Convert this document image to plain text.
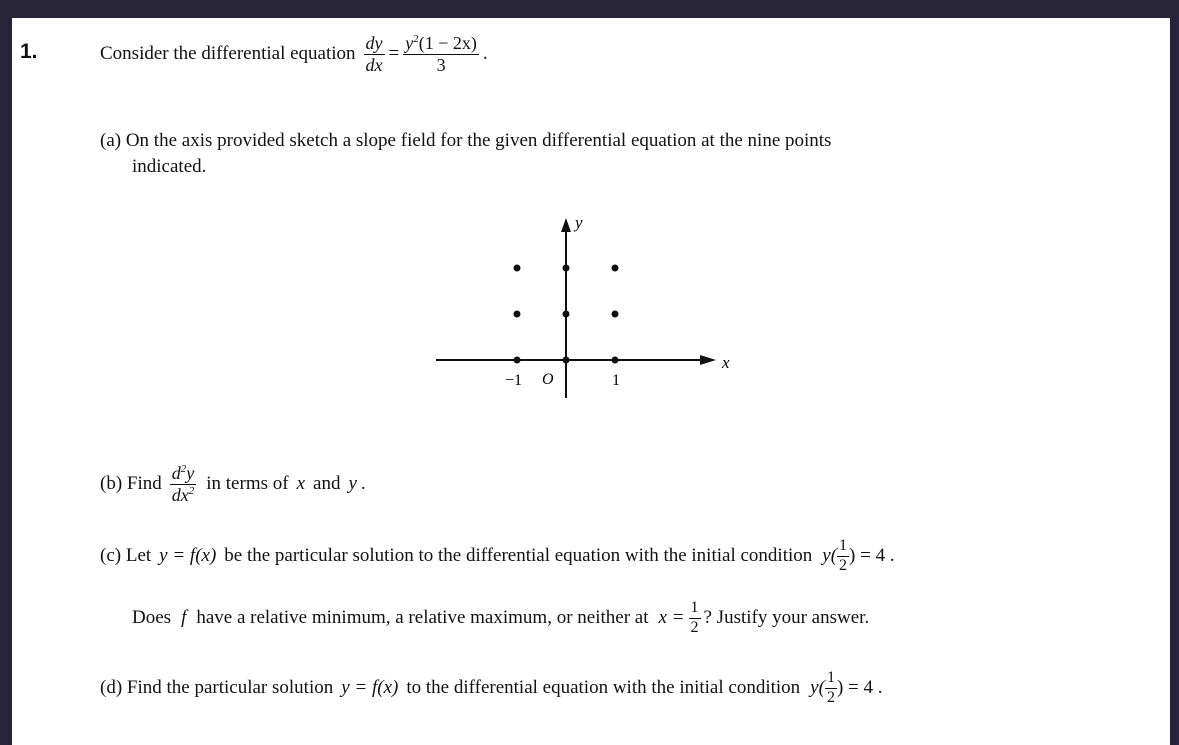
1.	Consider the differential equation $\frac{dy}{dx} = \frac{y^2(1 - 2x)}{3}$ .
(a) On the axis provided sketch a slope field for the given differential equation at the nine points
indicated.
y
x
O
−1	1
(b) Find $\frac{d^2y}{dx^2}$ in terms of x and y .
(c) Let y = f(x) be the particular solution to the differential equation with the initial condition $y( \frac{1}{2}$ ) = 4 .
Does f have a relative minimum, a relative maximum, or neither at $x = \frac{1}{2}$ ? Justify your answer.
(d) Find the particular solution y = f(x) to the differential equation with the initial condition $y( \frac{1}{2}$ ) = 4 .
